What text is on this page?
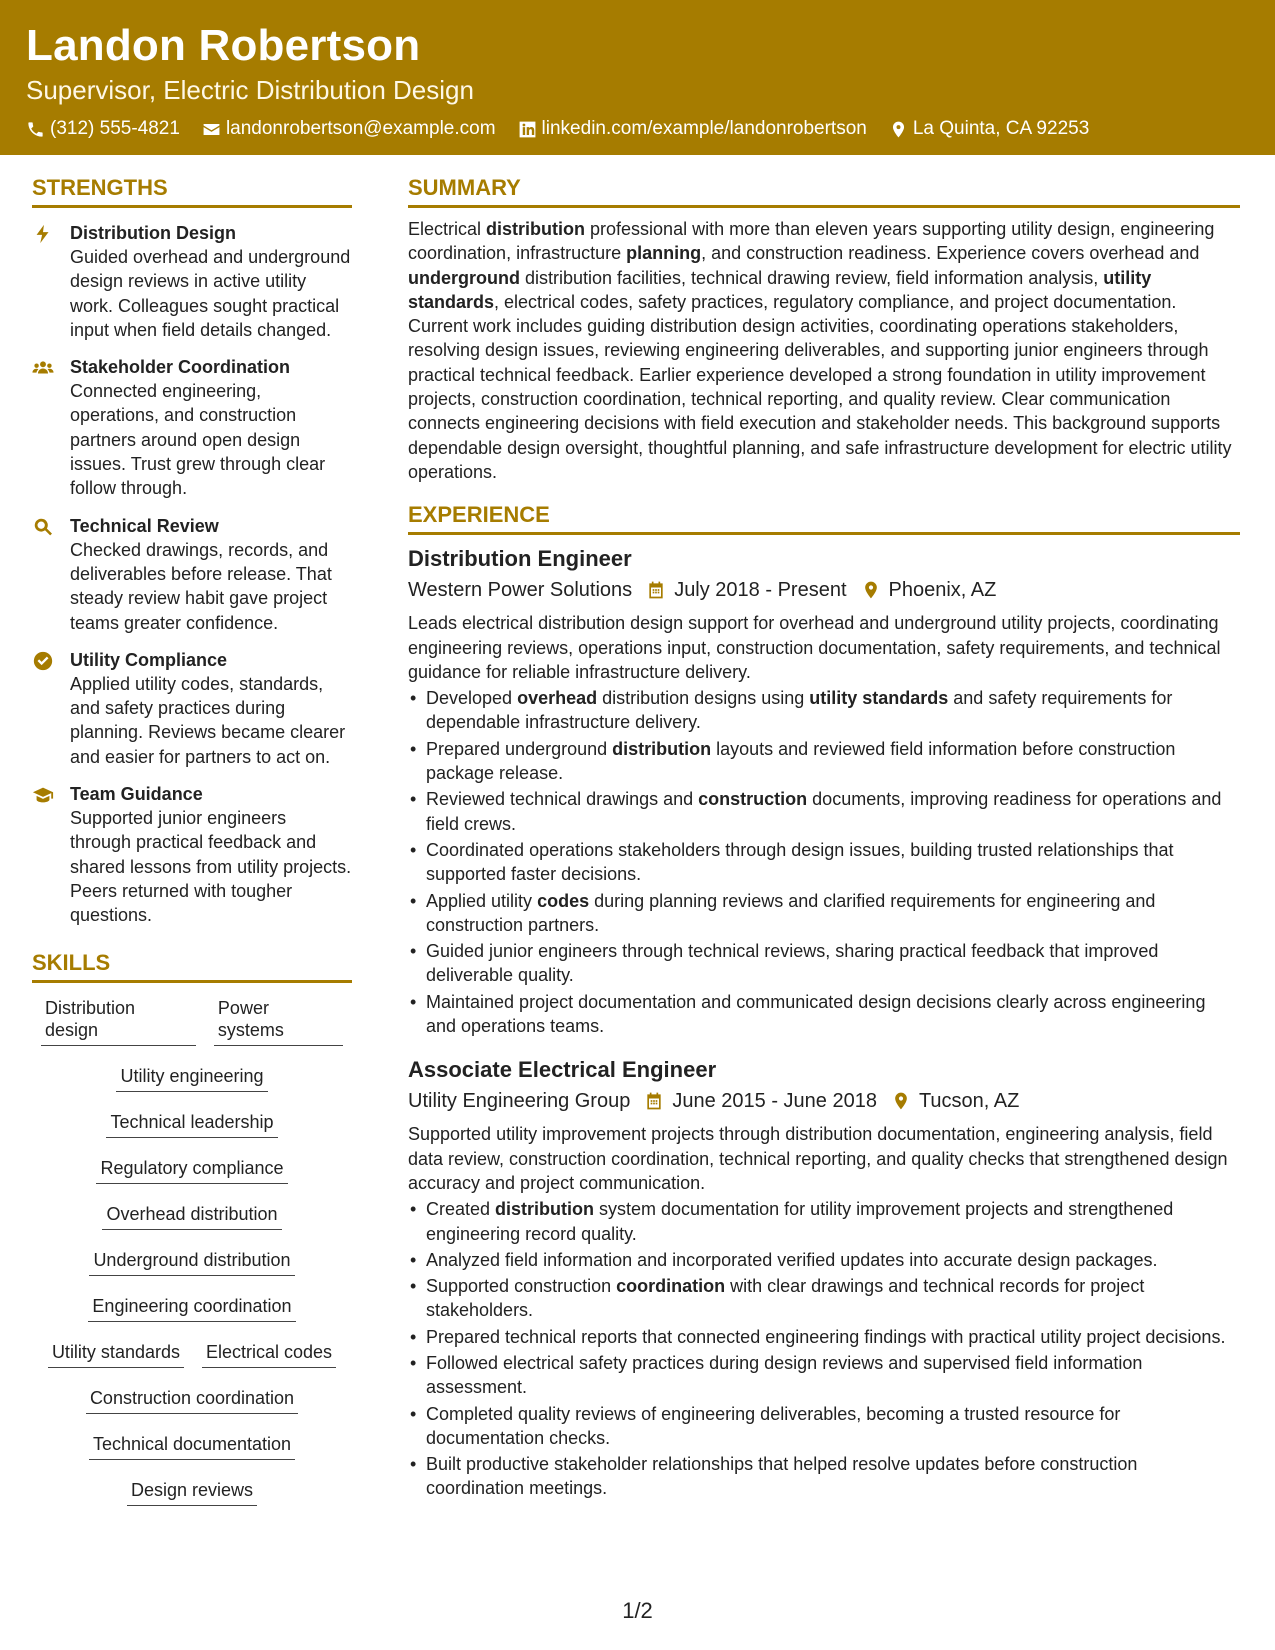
Landon Robertson
Supervisor, Electric Distribution Design
(312) 555-4821 landonrobertson@example.com linkedin.com/example/landonrobertson La Quinta, CA 92253
STRENGTHS
Distribution Design
Guided overhead and underground design reviews in active utility work. Colleagues sought practical input when field details changed.
Stakeholder Coordination
Connected engineering, operations, and construction partners around open design issues. Trust grew through clear follow through.
Technical Review
Checked drawings, records, and deliverables before release. That steady review habit gave project teams greater confidence.
Utility Compliance
Applied utility codes, standards, and safety practices during planning. Reviews became clearer and easier for partners to act on.
Team Guidance
Supported junior engineers through practical feedback and shared lessons from utility projects. Peers returned with tougher questions.
SKILLS
Distribution design
Power systems
Utility engineering
Technical leadership
Regulatory compliance
Overhead distribution
Underground distribution
Engineering coordination
Utility standards Electrical codes
Construction coordination
Technical documentation
Design reviews
SUMMARY
Electrical distribution professional with more than eleven years supporting utility design, engineering coordination, infrastructure planning, and construction readiness. Experience covers overhead and underground distribution facilities, technical drawing review, field information analysis, utility standards, electrical codes, safety practices, regulatory compliance, and project documentation. Current work includes guiding distribution design activities, coordinating operations stakeholders, resolving design issues, reviewing engineering deliverables, and supporting junior engineers through practical technical feedback. Earlier experience developed a strong foundation in utility improvement projects, construction coordination, technical reporting, and quality review. Clear communication connects engineering decisions with field execution and stakeholder needs. This background supports dependable design oversight, thoughtful planning, and safe infrastructure development for electric utility operations.
EXPERIENCE
Distribution Engineer
Western Power Solutions July 2018 - Present Phoenix, AZ
Leads electrical distribution design support for overhead and underground utility projects, coordinating engineering reviews, operations input, construction documentation, safety requirements, and technical guidance for reliable infrastructure delivery.
• Developed overhead distribution designs using utility standards and safety requirements for dependable infrastructure delivery.
• Prepared underground distribution layouts and reviewed field information before construction package release.
• Reviewed technical drawings and construction documents, improving readiness for operations and field crews.
• Coordinated operations stakeholders through design issues, building trusted relationships that supported faster decisions.
• Applied utility codes during planning reviews and clarified requirements for engineering and construction partners.
• Guided junior engineers through technical reviews, sharing practical feedback that improved deliverable quality.
• Maintained project documentation and communicated design decisions clearly across engineering and operations teams.
Associate Electrical Engineer
Utility Engineering Group June 2015 - June 2018 Tucson, AZ
Supported utility improvement projects through distribution documentation, engineering analysis, field data review, construction coordination, technical reporting, and quality checks that strengthened design accuracy and project communication.
• Created distribution system documentation for utility improvement projects and strengthened engineering record quality.
• Analyzed field information and incorporated verified updates into accurate design packages.
• Supported construction coordination with clear drawings and technical records for project stakeholders.
• Prepared technical reports that connected engineering findings with practical utility project decisions.
• Followed electrical safety practices during design reviews and supervised field information assessment.
• Completed quality reviews of engineering deliverables, becoming a trusted resource for documentation checks.
• Built productive stakeholder relationships that helped resolve updates before construction coordination meetings.
1/2
